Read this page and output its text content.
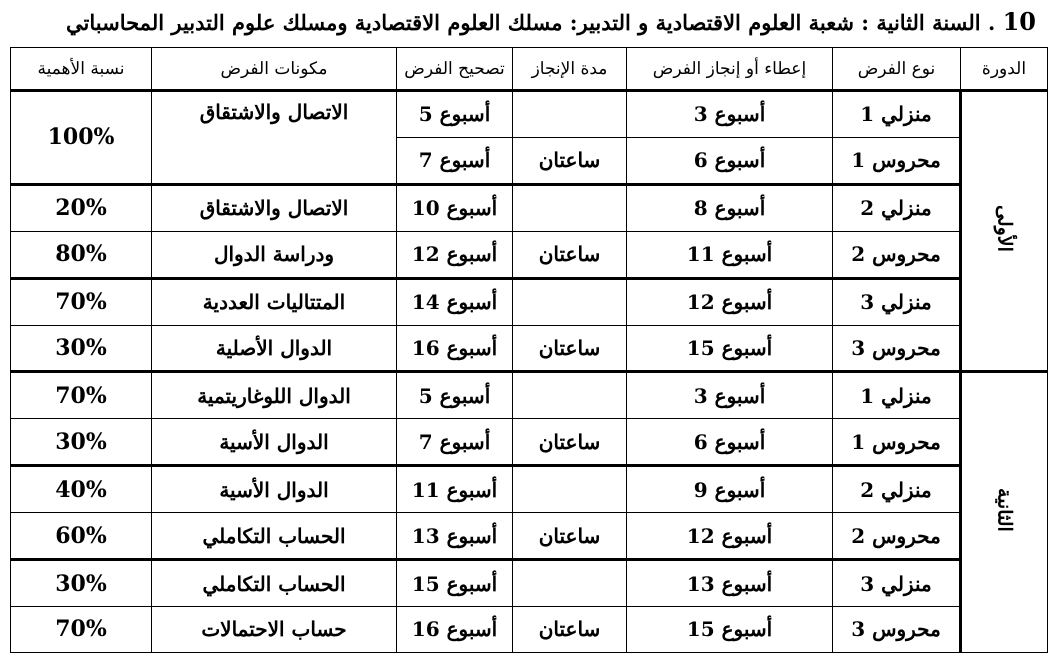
10 . السنة الثانية : شعبة العلوم الاقتصادية و التدبير: مسلك العلوم الاقتصادية ومسلك علوم التدبير المحاسباتي
الدورة	نوع الفرض	إعطاء أو إنجاز الفرض	مدة الإنجاز	تصحيح الفرض	مكونات الفرض	نسبة الأهمية
الأولى	منزلي 1	أسبوع 3		أسبوع 5	الاتصال والاشتقاق	100%
	محروس 1	أسبوع 6	ساعتان	أسبوع 7		
	منزلي 2	أسبوع 8		أسبوع 10	الاتصال والاشتقاق	20%
	محروس 2	أسبوع 11	ساعتان	أسبوع 12	ودراسة الدوال	80%
	منزلي 3	أسبوع 12		أسبوع 14	المتتاليات العددية	70%
	محروس 3	أسبوع 15	ساعتان	أسبوع 16	الدوال الأصلية	30%
الثانية	منزلي 1	أسبوع 3		أسبوع 5	الدوال اللوغاريتمية	70%
	محروس 1	أسبوع 6	ساعتان	أسبوع 7	الدوال الأسية	30%
	منزلي 2	أسبوع 9		أسبوع 11	الدوال الأسية	40%
	محروس 2	أسبوع 12	ساعتان	أسبوع 13	الحساب التكاملي	60%
	منزلي 3	أسبوع 13		أسبوع 15	الحساب التكاملي	30%
	محروس 3	أسبوع 15	ساعتان	أسبوع 16	حساب الاحتمالات	70%
